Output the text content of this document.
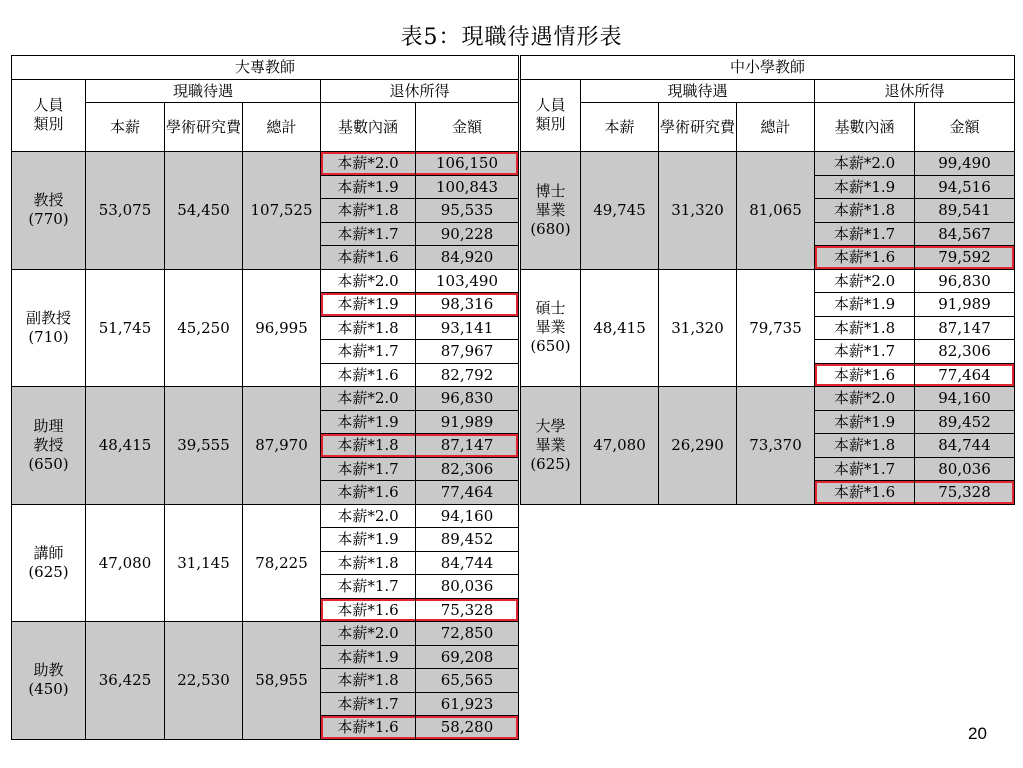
表5：現職待遇情形表
大專教師					
人員
類別	現職待遇			退休所得	
	本薪	學術研究費	總計	基數內涵	金額
教授
(770)	53,075	54,450	107,525	本薪*2.0	106,150
				本薪*1.9	100,843
				本薪*1.8	95,535
				本薪*1.7	90,228
				本薪*1.6	84,920
副教授
(710)	51,745	45,250	96,995	本薪*2.0	103,490
				本薪*1.9	98,316
				本薪*1.8	93,141
				本薪*1.7	87,967
				本薪*1.6	82,792
助理
教授
(650)	48,415	39,555	87,970	本薪*2.0	96,830
				本薪*1.9	91,989
				本薪*1.8	87,147
				本薪*1.7	82,306
				本薪*1.6	77,464
講師
(625)	47,080	31,145	78,225	本薪*2.0	94,160
				本薪*1.9	89,452
				本薪*1.8	84,744
				本薪*1.7	80,036
				本薪*1.6	75,328
助教
(450)	36,425	22,530	58,955	本薪*2.0	72,850
				本薪*1.9	69,208
				本薪*1.8	65,565
				本薪*1.7	61,923
				本薪*1.6	58,280
中小學教師					
人員
類別	現職待遇			退休所得	
	本薪	學術研究費	總計	基數內涵	金額
博士
畢業
(680)	49,745	31,320	81,065	本薪*2.0	99,490
				本薪*1.9	94,516
				本薪*1.8	89,541
				本薪*1.7	84,567
				本薪*1.6	79,592
碩士
畢業
(650)	48,415	31,320	79,735	本薪*2.0	96,830
				本薪*1.9	91,989
				本薪*1.8	87,147
				本薪*1.7	82,306
				本薪*1.6	77,464
大學
畢業
(625)	47,080	26,290	73,370	本薪*2.0	94,160
				本薪*1.9	89,452
				本薪*1.8	84,744
				本薪*1.7	80,036
				本薪*1.6	75,328
20
